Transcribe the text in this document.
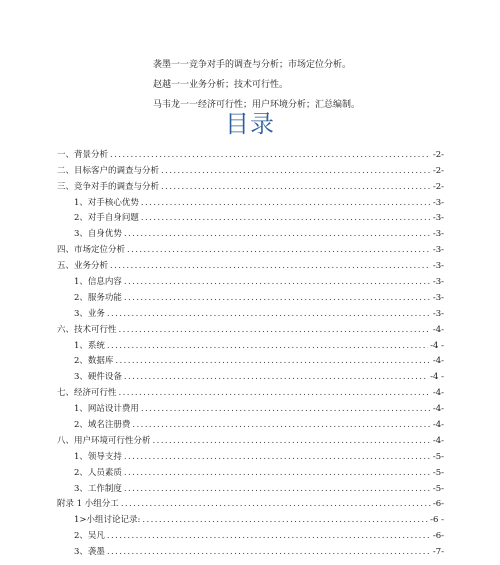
袭墨一一竞争对手的调查与分析；市场定位分析。
赵越一一业务分析；技术可行性。
马韦龙一一经济可行性；用户环境分析；汇总编制。
目录
一、背景分析 .....	-2-
二、目标客户的调查与分析 .....	-2-
三、竞争对手的调查与分析 .....	-2-
1、对手核心优势 .....	-3-
2、对手自身问题 .....	-3-
3、自身优势 .....	-3-
四、市场定位分析 .....	-3-
五、业务分析 .....	-3-
1、信息内容 .....	-3-
2、服务功能 .....	-3-
3、业务 .....	-3-
六、技术可行性 .....	-4-
1、系统 .....	-4 -
2、数据库 .....	-4-
3、硬件设备 .....	-4 -
七、经济可行性 .....	-4-
1、网站设计费用 .....	-4-
2、域名注册费 .....	-4-
八、用户环境可行性分析 .....	-4-
1、领导支持 .....	-5-
2、人员素质 .....	-5-
3、工作制度 .....	-5-
附录 1 小组分工 .....	-6-
1>小组讨论记录: .....	-6 -
2、吴凡 .....	-6-
3、袭墨 .....	-7-
